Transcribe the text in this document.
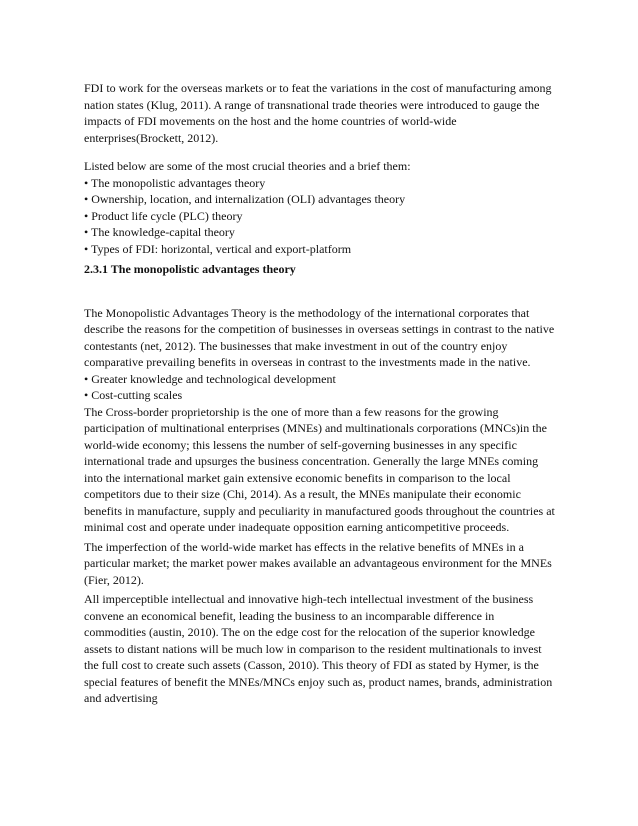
FDI to work for the overseas markets or to feat the variations in the cost of manufacturing among nation states (Klug, 2011). A range of transnational trade theories were introduced to gauge the impacts of FDI movements on the host and the home countries of world-wide enterprises(Brockett, 2012).

Listed below are some of the most crucial theories and a brief them:

• The monopolistic advantages theory
• Ownership, location, and internalization (OLI) advantages theory
• Product life cycle (PLC) theory
• The knowledge-capital theory
• Types of FDI: horizontal, vertical and export-platform

2.3.1 The monopolistic advantages theory

The Monopolistic Advantages Theory is the methodology of the international corporates that describe the reasons for the competition of businesses in overseas settings in contrast to the native contestants (net, 2012). The businesses that make investment in out of the country enjoy comparative prevailing benefits in overseas in contrast to the investments made in the native.

• Greater knowledge and technological development
• Cost-cutting scales

The Cross-border proprietorship is the one of more than a few reasons for the growing participation of multinational enterprises (MNEs) and multinationals corporations (MNCs)in the world-wide economy; this lessens the number of self-governing businesses in any specific international trade and upsurges the business concentration. Generally the large MNEs coming into the international market gain extensive economic benefits in comparison to the local competitors due to their size (Chi, 2014). As a result, the MNEs manipulate their economic benefits in manufacture, supply and peculiarity in manufactured goods throughout the countries at minimal cost and operate under inadequate opposition earning anticompetitive proceeds.

The imperfection of the world-wide market has effects in the relative benefits of MNEs in a particular market; the market power makes available an advantageous environment for the MNEs (Fier, 2012).

All imperceptible intellectual and innovative high-tech intellectual investment of the business convene an economical benefit, leading the business to an incomparable difference in commodities (austin, 2010). The on the edge cost for the relocation of the superior knowledge assets to distant nations will be much low in comparison to the resident multinationals to invest the full cost to create such assets (Casson, 2010). This theory of FDI as stated by Hymer, is the special features of benefit the MNEs/MNCs enjoy such as, product names, brands, administration and advertising
